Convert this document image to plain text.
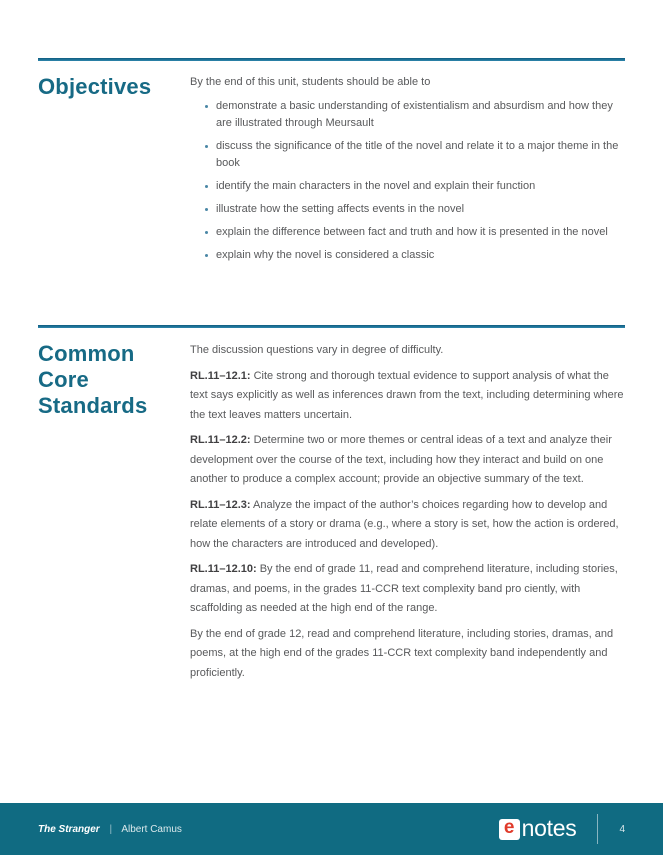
Objectives	By the end of this unit, students should be able to

demonstrate a basic understanding of existentialism and absurdism and how they are illustrated through Meursault
discuss the significance of the title of the novel and relate it to a major theme in the book
identify the main characters in the novel and explain their function
illustrate how the setting affects events in the novel
explain the difference between fact and truth and how it is presented in the novel
explain why the novel is considered a classic
Common Core Standards

The discussion questions vary in degree of difficulty.

RL.11–12.1: Cite strong and thorough textual evidence to support analysis of what the text says explicitly as well as inferences drawn from the text, including determining where the text leaves matters uncertain.

RL.11–12.2: Determine two or more themes or central ideas of a text and analyze their development over the course of the text, including how they interact and build on one another to produce a complex account; provide an objective summary of the text.

RL.11–12.3: Analyze the impact of the author’s choices regarding how to develop and relate elements of a story or drama (e.g., where a story is set, how the action is ordered, how the characters are introduced and developed).

RL.11–12.10: By the end of grade 11, read and comprehend literature, including stories, dramas, and poems, in the grades 11-CCR text complexity band pro ciently, with scaffolding as needed at the high end of the range.

By the end of grade 12, read and comprehend literature, including stories, dramas, and poems, at the high end of the grades 11-CCR text complexity band independently and proficiently.

The Stranger | Albert Camus	e notes	4
